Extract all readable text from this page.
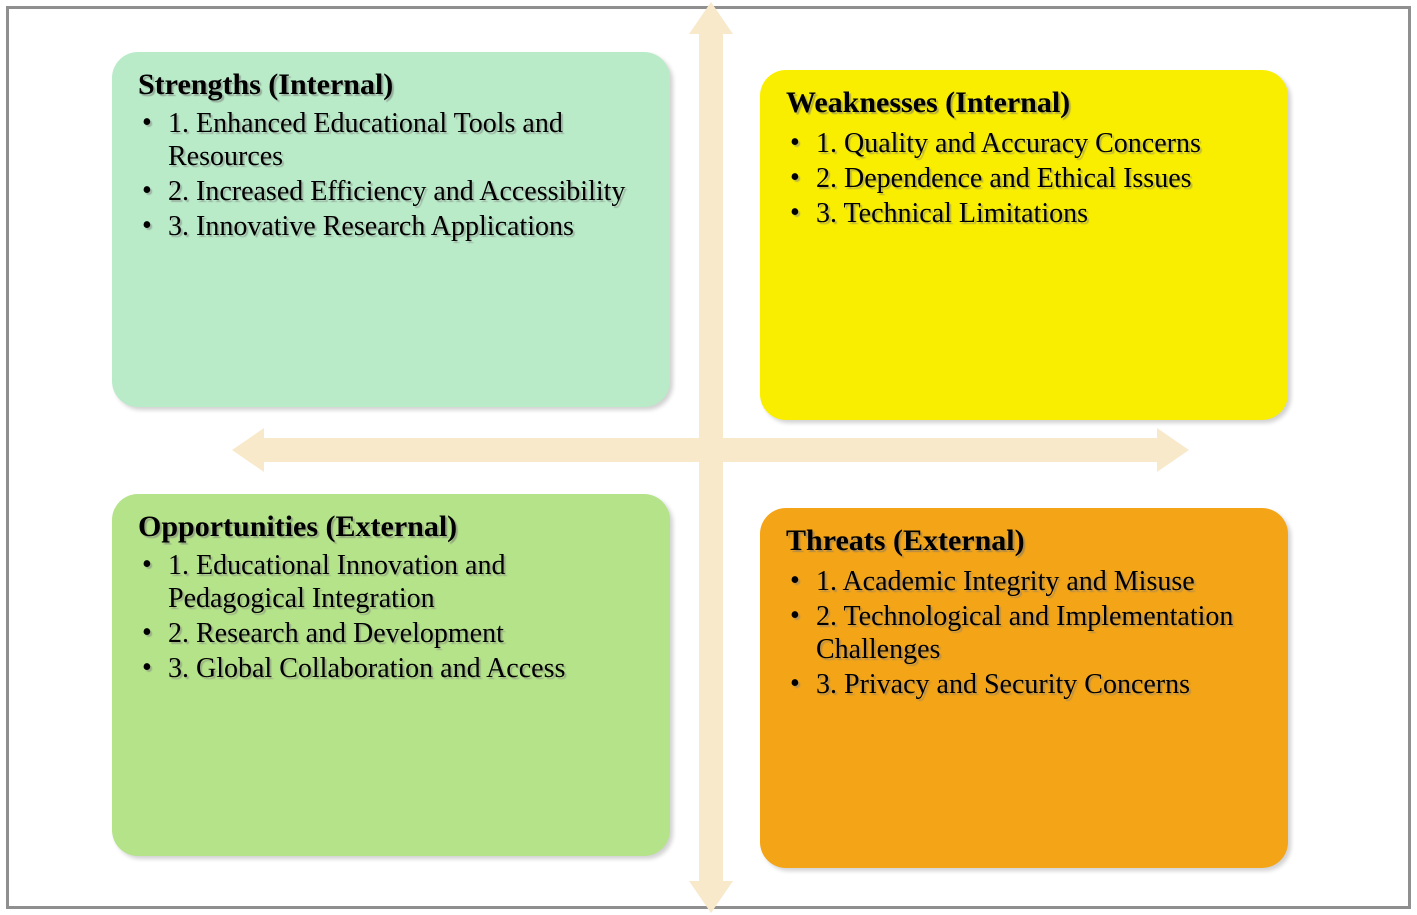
Strengths (Internal)
• 1. Enhanced Educational Tools and Resources
• 2. Increased Efficiency and Accessibility
• 3. Innovative Research Applications
Weaknesses (Internal)
• 1. Quality and Accuracy Concerns
• 2. Dependence and Ethical Issues
• 3. Technical Limitations
Opportunities (External)
• 1. Educational Innovation and Pedagogical Integration
• 2. Research and Development
• 3. Global Collaboration and Access
Threats (External)
• 1. Academic Integrity and Misuse
• 2. Technological and Implementation Challenges
• 3. Privacy and Security Concerns
